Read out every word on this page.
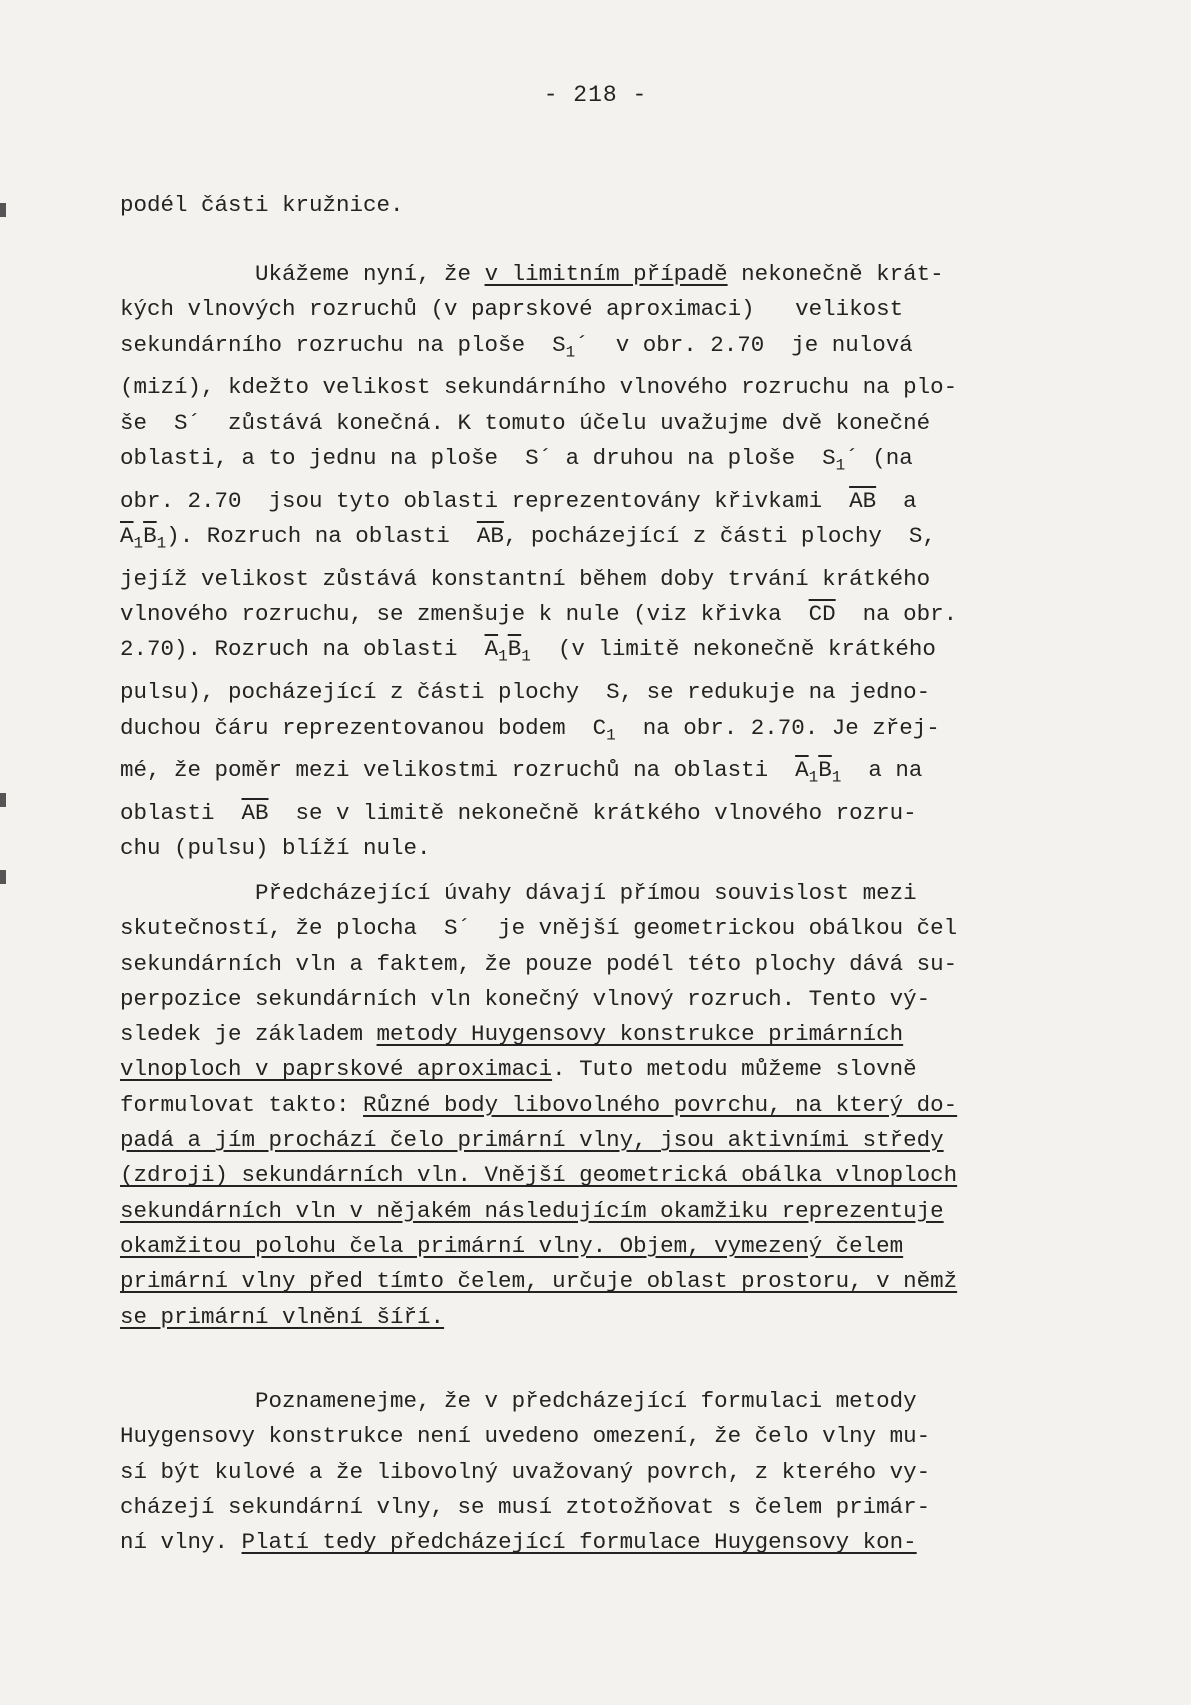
- 218 -

podél části kružnice.

Ukážeme nyní, že v limitním případě nekonečně krát-
kých vlnových rozruchů (v paprskové aproximaci)   velikost
sekundárního rozruchu na ploše  $S_1´$  v obr. 2.70  je nulová
(mizí), kdežto velikost sekundárního vlnového rozruchu na plo-
še  S´  zůstává konečná. K tomuto účelu uvažujme dvě konečné
oblasti, a to jednu na ploše  S´ a druhou na ploše  $S_1´$ (na
obr. 2.70  jsou tyto oblasti reprezentovány křivkami  $\overline{AB}$  a
$\overline{A}_1\overline{B}_1$). Rozruch na oblasti  $\overline{AB}$, pocházející z části plochy  S,
jejíž velikost zůstává konstantní během doby trvání krátkého
vlnového rozruchu, se zmenšuje k nule (viz křivka  $\overline{CD}$  na obr.
2.70). Rozruch na oblasti  $\overline{A}_1\overline{B}_1$  (v limitě nekonečně krátkého
pulsu), pocházející z části plochy  S, se redukuje na jedno-
duchou čáru reprezentovanou bodem  $C_1$  na obr. 2.70. Je zřej-
mé, že poměr mezi velikostmi rozruchů na oblasti  $\overline{A}_1\overline{B}_1$  a na
oblasti  $\overline{AB}$  se v limitě nekonečně krátkého vlnového rozru-
chu (pulsu) blíží nule.

Předcházející úvahy dávají přímou souvislost mezi
skutečností, že plocha  S´  je vnější geometrickou obálkou čel
sekundárních vln a faktem, že pouze podél této plochy dává su-
perpozice sekundárních vln konečný vlnový rozruch. Tento vý-
sledek je základem metody Huygensovy konstrukce primárních
vlnoploch v paprskové aproximaci. Tuto metodu můžeme slovně
formulovat takto: Různé body libovolného povrchu, na který do-
padá a jím prochází čelo primární vlny, jsou aktivními středy
(zdroji) sekundárních vln. Vnější geometrická obálka vlnoploch
sekundárních vln v nějakém následujícím okamžiku reprezentuje
okamžitou polohu čela primární vlny. Objem, vymezený čelem
primární vlny před tímto čelem, určuje oblast prostoru, v němž
se primární vlnění šíří.

Poznamenejme, že v předcházející formulaci metody
Huygensovy konstrukce není uvedeno omezení, že čelo vlny mu-
sí být kulové a že libovolný uvažovaný povrch, z kterého vy-
cházejí sekundární vlny, se musí ztotožňovat s čelem primár-
ní vlny. Platí tedy předcházející formulace Huygensovy kon-
